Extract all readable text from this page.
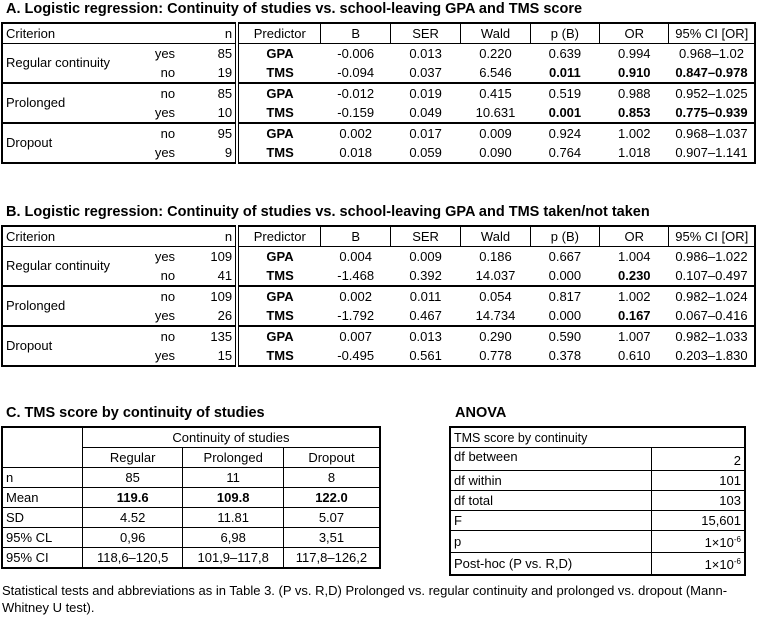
A. Logistic regression: Continuity of studies vs. school-leaving GPA and TMS score
Criterion		n	Predictor	B	SER	Wald	p (B)	OR	95% CI [OR]
Regular continuity	yes	85	GPA	-0.006	0.013	0.220	0.639	0.994	0.968–1.02
	no	19	TMS	-0.094	0.037	6.546	0.011	0.910	0.847–0.978
Prolonged	no	85	GPA	-0.012	0.019	0.415	0.519	0.988	0.952–1.025
	yes	10	TMS	-0.159	0.049	10.631	0.001	0.853	0.775–0.939
Dropout	no	95	GPA	0.002	0.017	0.009	0.924	1.002	0.968–1.037
	yes	9	TMS	0.018	0.059	0.090	0.764	1.018	0.907–1.141
B. Logistic regression: Continuity of studies vs. school-leaving GPA and TMS taken/not taken
Criterion		n	Predictor	B	SER	Wald	p (B)	OR	95% CI [OR]
Regular continuity	yes	109	GPA	0.004	0.009	0.186	0.667	1.004	0.986–1.022
	no	41	TMS	-1.468	0.392	14.037	0.000	0.230	0.107–0.497
Prolonged	no	109	GPA	0.002	0.011	0.054	0.817	1.002	0.982–1.024
	yes	26	TMS	-1.792	0.467	14.734	0.000	0.167	0.067–0.416
Dropout	no	135	GPA	0.007	0.013	0.290	0.590	1.007	0.982–1.033
	yes	15	TMS	-0.495	0.561	0.778	0.378	0.610	0.203–1.830
C. TMS score by continuity of studies
	Continuity of studies		
	Regular	Prolonged	Dropout
n	85	11	8
Mean	119.6	109.8	122.0
SD	4.52	11.81	5.07
95% CL	0,96	6,98	3,51
95% CI	118,6–120,5	101,9–117,8	117,8–126,2
ANOVA
TMS score by continuity	
df between	2
df within	101
df total	103
F	15,601
p	$1\times 10^{-6}$
Post-hoc (P vs. R,D)	$1\times 10^{-6}$
Statistical tests and abbreviations as in Table 3. (P vs. R,D) Prolonged vs. regular continuity and prolonged vs. dropout (Mann-Whitney U test).
